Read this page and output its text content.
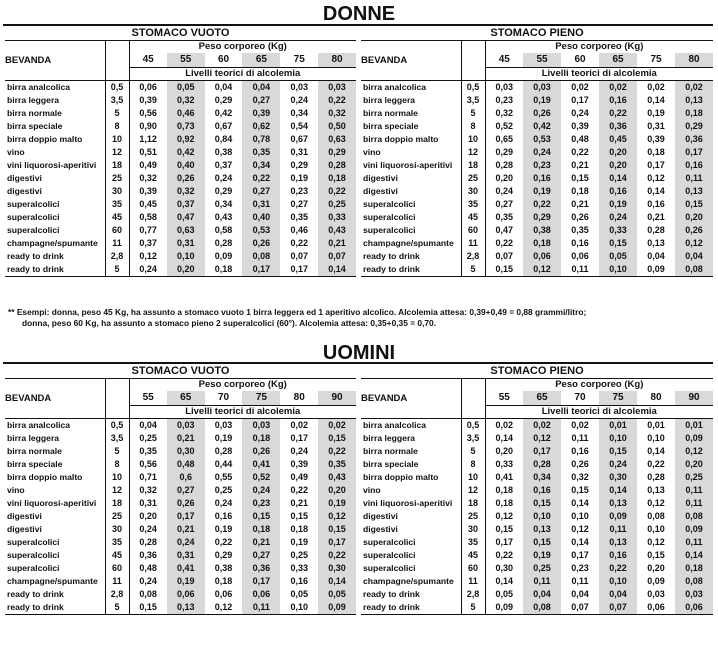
DONNE
STOMACO VUOTO							
BEVANDA		Peso corporeo (Kg)					
		45	55	60	65	75	80
		Livelli teorici di alcolemia					
birra analcolica	0,5	0,06	0,05	0,04	0,04	0,03	0,03
birra leggera	3,5	0,39	0,32	0,29	0,27	0,24	0,22
birra normale	5	0,56	0,46	0,42	0,39	0,34	0,32
birra speciale	8	0,90	0,73	0,67	0,62	0,54	0,50
birra doppio malto	10	1,12	0,92	0,84	0,78	0,67	0,63
vino	12	0,51	0,42	0,38	0,35	0,31	0,29
vini liquorosi-aperitivi	18	0,49	0,40	0,37	0,34	0,29	0,28
digestivi	25	0,32	0,26	0,24	0,22	0,19	0,18
digestivi	30	0,39	0,32	0,29	0,27	0,23	0,22
superalcolici	35	0,45	0,37	0,34	0,31	0,27	0,25
superalcolici	45	0,58	0,47	0,43	0,40	0,35	0,33
superalcolici	60	0,77	0,63	0,58	0,53	0,46	0,43
champagne/spumante	11	0,37	0,31	0,28	0,26	0,22	0,21
ready to drink	2,8	0,12	0,10	0,09	0,08	0,07	0,07
ready to drink	5	0,24	0,20	0,18	0,17	0,17	0,14
STOMACO PIENO							
BEVANDA		Peso corporeo (Kg)					
		45	55	60	65	75	80
		Livelli teorici di alcolemia					
birra analcolica	0,5	0,03	0,03	0,02	0,02	0,02	0,02
birra leggera	3,5	0,23	0,19	0,17	0,16	0,14	0,13
birra normale	5	0,32	0,26	0,24	0,22	0,19	0,18
birra speciale	8	0,52	0,42	0,39	0,36	0,31	0,29
birra doppio malto	10	0,65	0,53	0,48	0,45	0,39	0,36
vino	12	0,29	0,24	0,22	0,20	0,18	0,17
vini liquorosi-aperitivi	18	0,28	0,23	0,21	0,20	0,17	0,16
digestivi	25	0,20	0,16	0,15	0,14	0,12	0,11
digestivi	30	0,24	0,19	0,18	0,16	0,14	0,13
superalcolici	35	0,27	0,22	0,21	0,19	0,16	0,15
superalcolici	45	0,35	0,29	0,26	0,24	0,21	0,20
superalcolici	60	0,47	0,38	0,35	0,33	0,28	0,26
champagne/spumante	11	0,22	0,18	0,16	0,15	0,13	0,12
ready to drink	2,8	0,07	0,06	0,06	0,05	0,04	0,04
ready to drink	5	0,15	0,12	0,11	0,10	0,09	0,08
** Esempi: donna, peso 45 Kg, ha assunto a stomaco vuoto 1 birra leggera ed 1 aperitivo alcolico. Alcolemia attesa: 0,39+0,49 = 0,88 grammi/litro;
donna, peso 60 Kg, ha assunto a stomaco pieno 2 superalcolici (60°). Alcolemia attesa: 0,35+0,35 = 0,70.
UOMINI
STOMACO VUOTO							
BEVANDA		Peso corporeo (Kg)					
		55	65	70	75	80	90
		Livelli teorici di alcolemia					
birra analcolica	0,5	0,04	0,03	0,03	0,03	0,02	0,02
birra leggera	3,5	0,25	0,21	0,19	0,18	0,17	0,15
birra normale	5	0,35	0,30	0,28	0,26	0,24	0,22
birra speciale	8	0,56	0,48	0,44	0,41	0,39	0,35
birra doppio malto	10	0,71	0,6	0,55	0,52	0,49	0,43
vino	12	0,32	0,27	0,25	0,24	0,22	0,20
vini liquorosi-aperitivi	18	0,31	0,26	0,24	0,23	0,21	0,19
digestivi	25	0,20	0,17	0,16	0,15	0,15	0,12
digestivi	30	0,24	0,21	0,19	0,18	0,18	0,15
superalcolici	35	0,28	0,24	0,22	0,21	0,19	0,17
superalcolici	45	0,36	0,31	0,29	0,27	0,25	0,22
superalcolici	60	0,48	0,41	0,38	0,36	0,33	0,30
champagne/spumante	11	0,24	0,19	0,18	0,17	0,16	0,14
ready to drink	2,8	0,08	0,06	0,06	0,06	0,05	0,05
ready to drink	5	0,15	0,13	0,12	0,11	0,10	0,09
STOMACO PIENO							
BEVANDA		Peso corporeo (Kg)					
		55	65	70	75	80	90
		Livelli teorici di alcolemia					
birra analcolica	0,5	0,02	0,02	0,02	0,01	0,01	0,01
birra leggera	3,5	0,14	0,12	0,11	0,10	0,10	0,09
birra normale	5	0,20	0,17	0,16	0,15	0,14	0,12
birra speciale	8	0,33	0,28	0,26	0,24	0,22	0,20
birra doppio malto	10	0,41	0,34	0,32	0,30	0,28	0,25
vino	12	0,18	0,16	0,15	0,14	0,13	0,11
vini liquorosi-aperitivi	18	0,18	0,15	0,14	0,13	0,12	0,11
digestivi	25	0,12	0,10	0,10	0,09	0,08	0,08
digestivi	30	0,15	0,13	0,12	0,11	0,10	0,09
superalcolici	35	0,17	0,15	0,14	0,13	0,12	0,11
superalcolici	45	0,22	0,19	0,17	0,16	0,15	0,14
superalcolici	60	0,30	0,25	0,23	0,22	0,20	0,18
champagne/spumante	11	0,14	0,11	0,11	0,10	0,09	0,08
ready to drink	2,8	0,05	0,04	0,04	0,04	0,03	0,03
ready to drink	5	0,09	0,08	0,07	0,07	0,06	0,06
